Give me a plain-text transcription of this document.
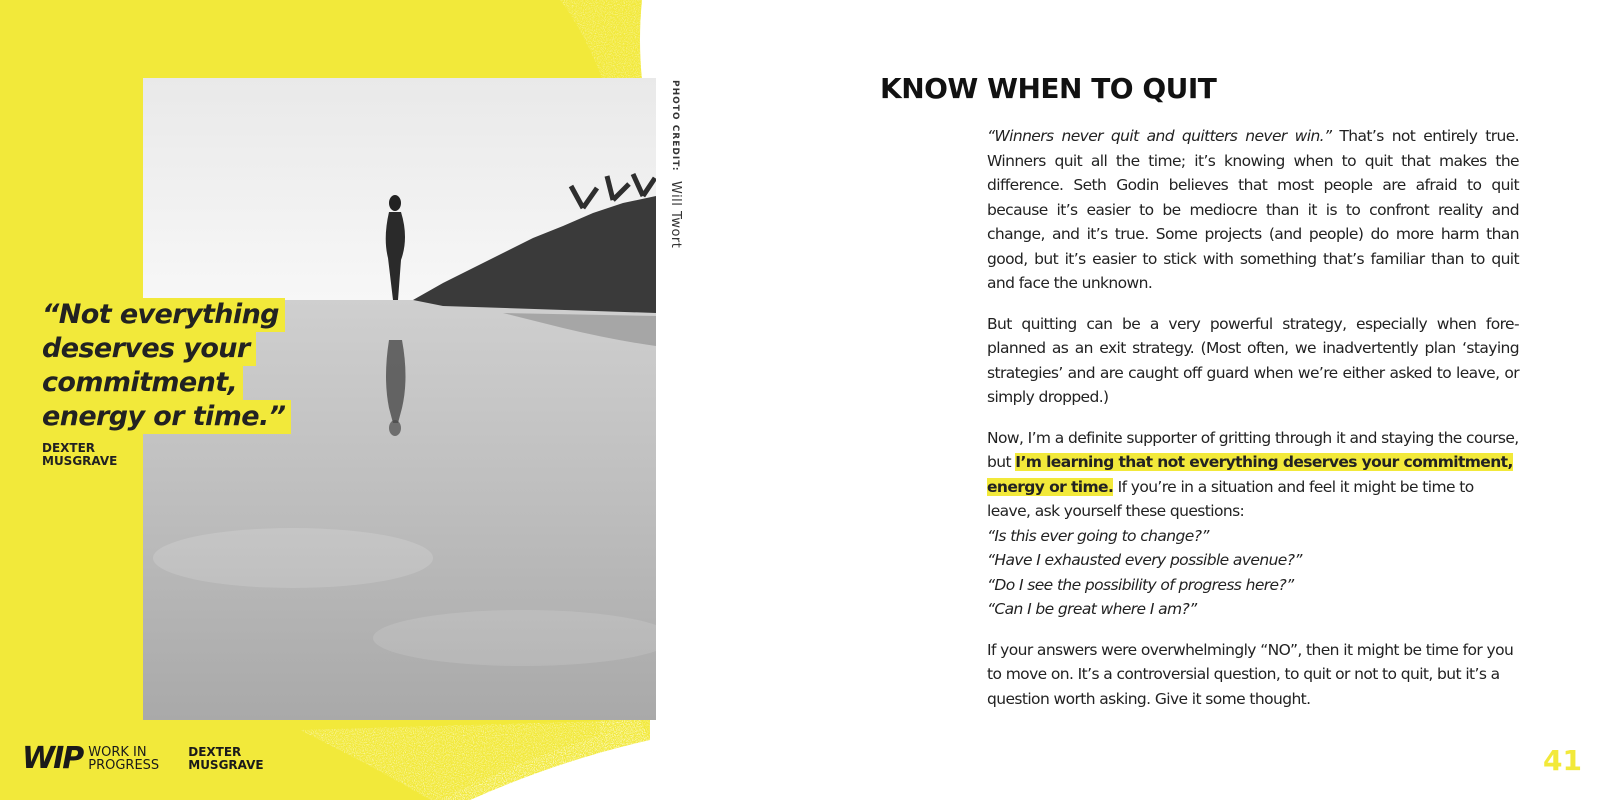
PHOTO CREDIT: Will Twort
“Not everything
deserves your
commitment,
energy or time.”
DEXTER
MUSGRAVE
WIP WORK IN
PROGRESS
DEXTER
MUSGRAVE	41
KNOW WHEN TO QUIT

“Winners never quit and quitters never win.” That’s not entirely true. Winners quit all the time; it’s knowing when to quit that makes the difference. Seth Godin believes that most people are afraid to quit because it’s easier to be mediocre than it is to confront reality and change, and it’s true. Some projects (and people) do more harm than good, but it’s easier to stick with something that’s familiar than to quit and face the unknown.

But quitting can be a very powerful strategy, especially when fore-planned as an exit strategy. (Most often, we inadvertently plan ‘staying strategies’ and are caught off guard when we’re either asked to leave, or simply dropped.)

Now, I’m a definite supporter of gritting through it and staying the course, but I’m learning that not everything deserves your commitment, energy or time. If you’re in a situation and feel it might be time to leave, ask yourself these questions:
“Is this ever going to change?”
“Have I exhausted every possible avenue?”
“Do I see the possibility of progress here?”
“Can I be great where I am?”

If your answers were overwhelmingly “NO”, then it might be time for you to move on. It’s a controversial question, to quit or not to quit, but it’s a question worth asking. Give it some thought.
